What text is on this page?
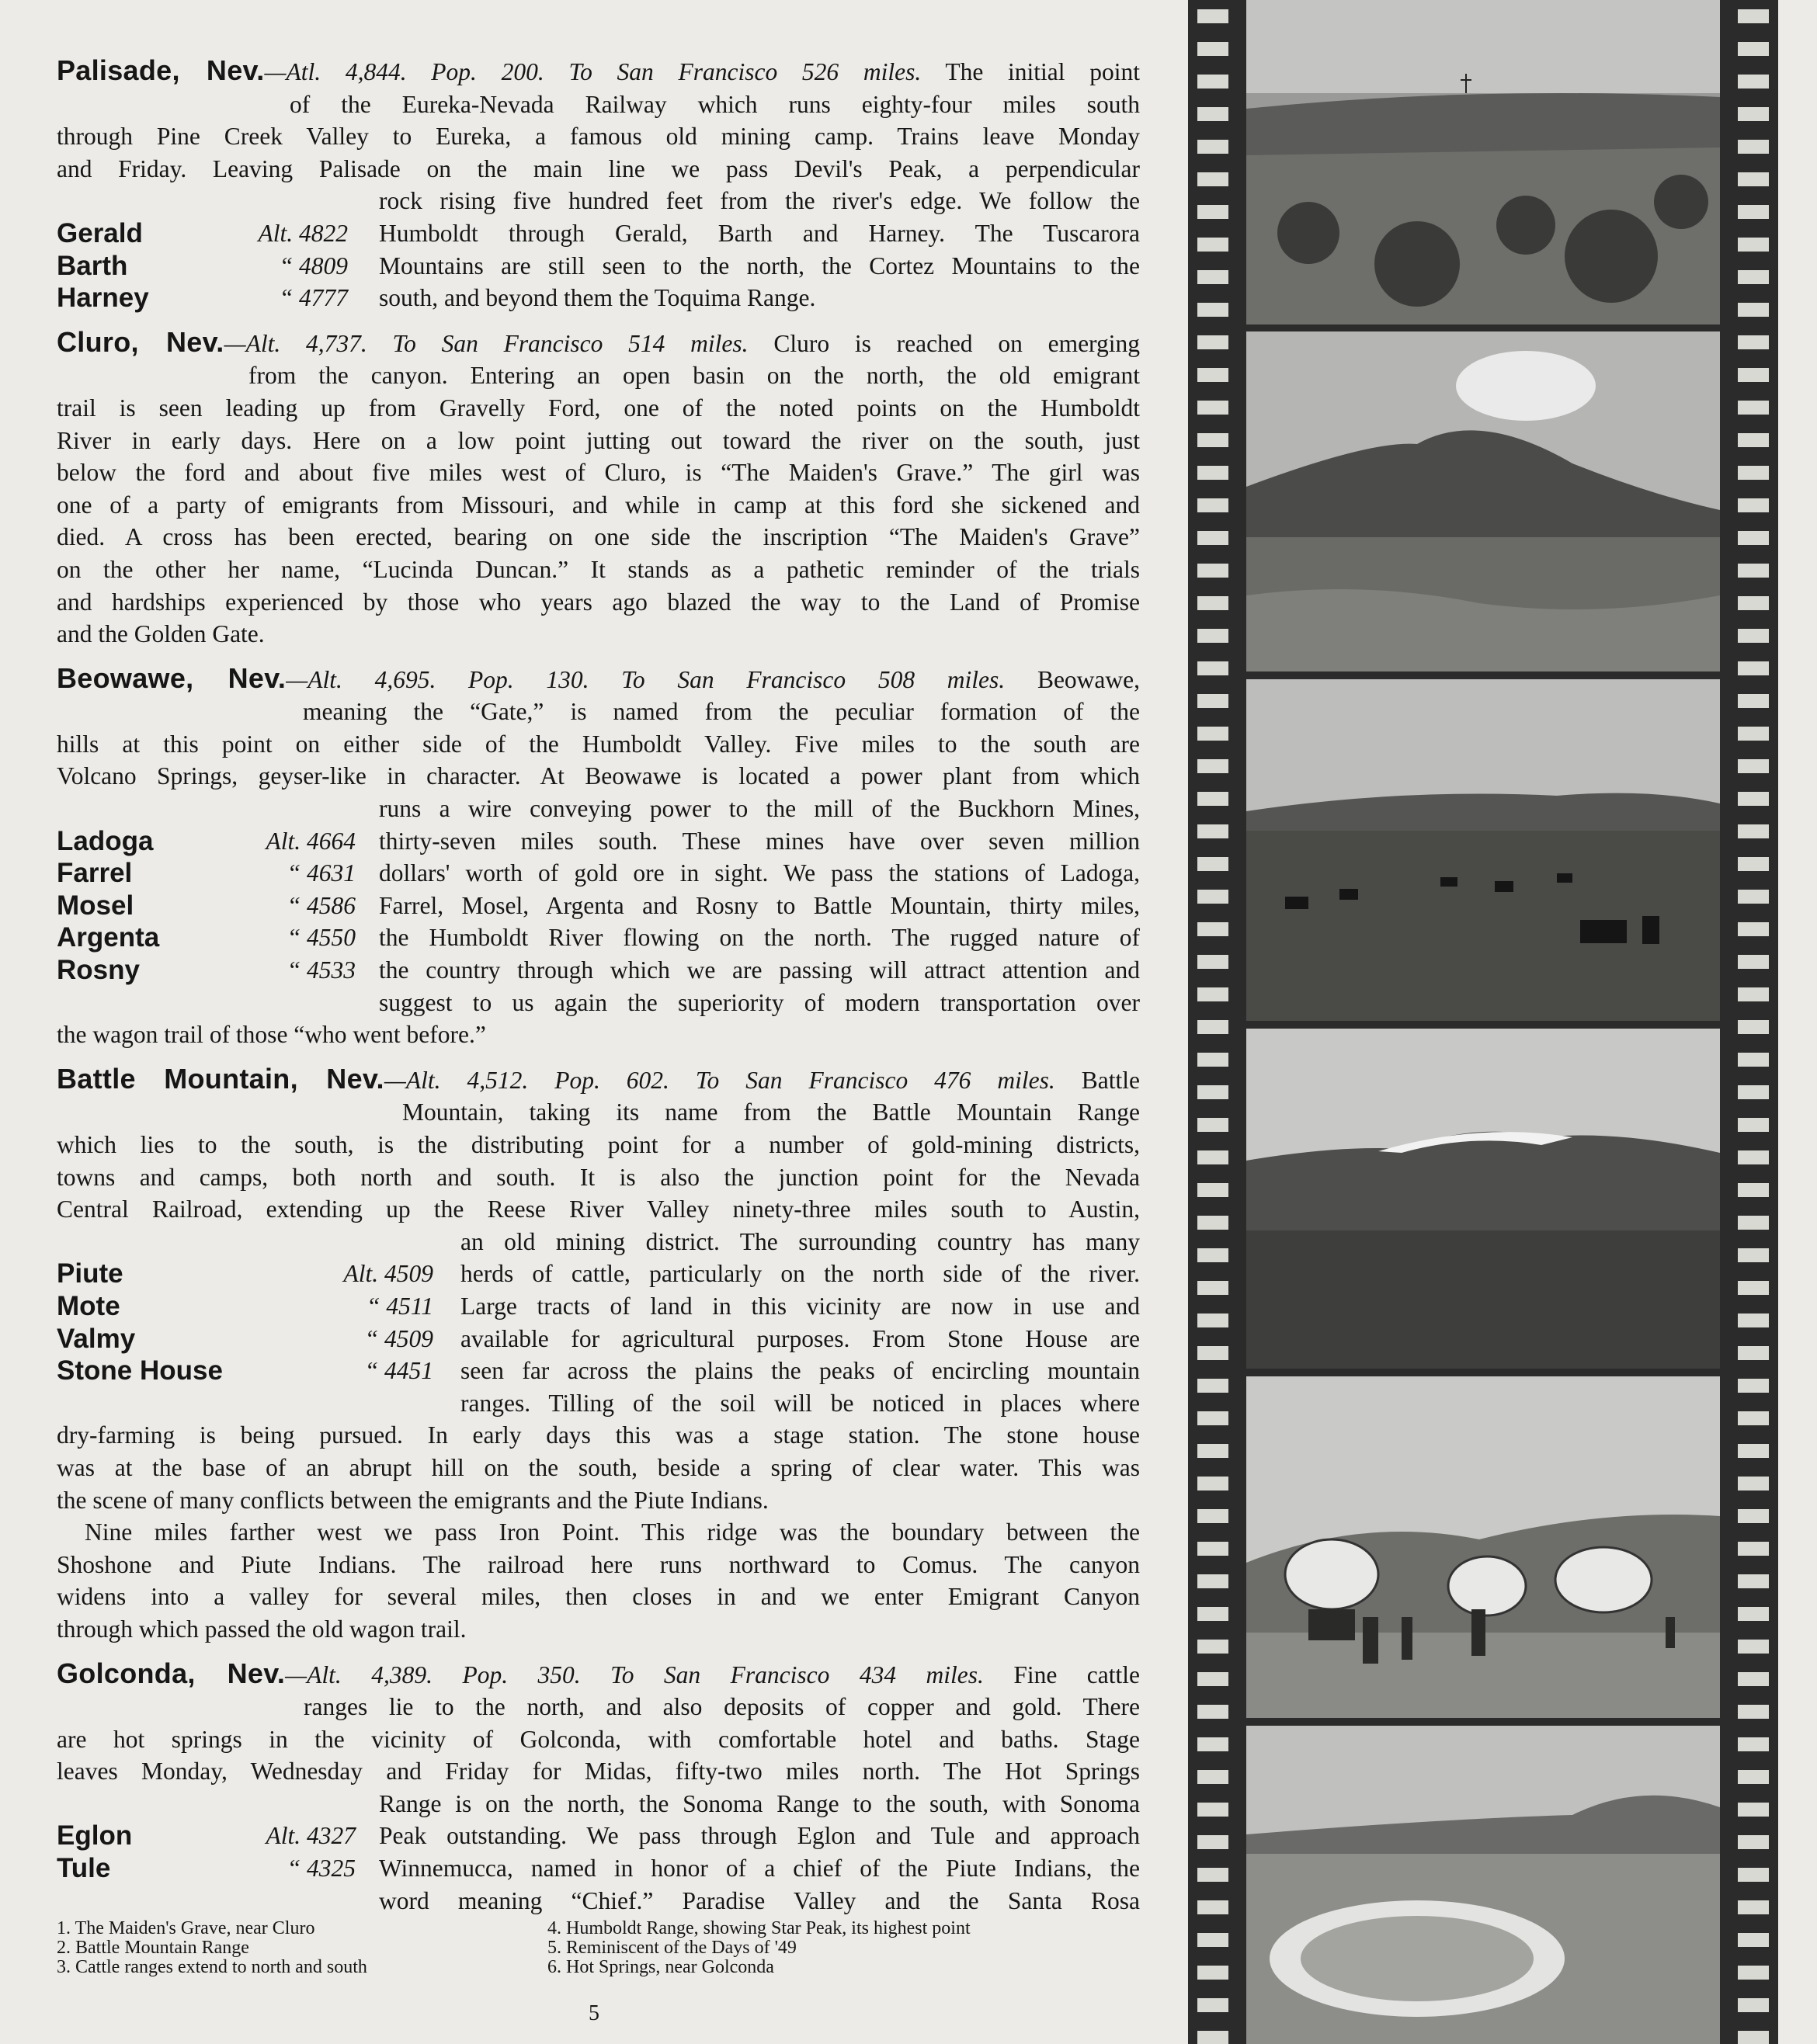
Palisade, Nev.—Atl. 4,844. Pop. 200. To San Francisco 526 miles. The initial point
of the Eureka-Nevada Railway which runs eighty-four miles south
through Pine Creek Valley to Eureka, a famous old mining camp. Trains leave Monday
and Friday. Leaving Palisade on the main line we pass Devil's Peak, a perpendicular
rock rising five hundred feet from the river's edge. We follow the
Gerald	Alt. 4822 Humboldt through Gerald, Barth and Harney. The Tuscarora
Barth	“ 4809 Mountains are still seen to the north, the Cortez Mountains to the
Harney	“ 4777 south, and beyond them the Toquima Range.
Cluro, Nev.—Alt. 4,737. To San Francisco 514 miles. Cluro is reached on emerging
from the canyon. Entering an open basin on the north, the old emigrant
trail is seen leading up from Gravelly Ford, one of the noted points on the Humboldt
River in early days. Here on a low point jutting out toward the river on the south, just
below the ford and about five miles west of Cluro, is “The Maiden's Grave.” The girl was
one of a party of emigrants from Missouri, and while in camp at this ford she sickened and
died. A cross has been erected, bearing on one side the inscription “The Maiden's Grave”
on the other her name, “Lucinda Duncan.” It stands as a pathetic reminder of the trials
and hardships experienced by those who years ago blazed the way to the Land of Promise
and the Golden Gate.
Beowawe, Nev.—Alt. 4,695. Pop. 130. To San Francisco 508 miles. Beowawe,
meaning the “Gate,” is named from the peculiar formation of the
hills at this point on either side of the Humboldt Valley. Five miles to the south are
Volcano Springs, geyser-like in character. At Beowawe is located a power plant from which
runs a wire conveying power to the mill of the Buckhorn Mines,
Ladoga	Alt. 4664 thirty-seven miles south. These mines have over seven million
Farrel	“ 4631 dollars' worth of gold ore in sight. We pass the stations of Ladoga,
Mosel	“ 4586 Farrel, Mosel, Argenta and Rosny to Battle Mountain, thirty miles,
Argenta	“ 4550 the Humboldt River flowing on the north. The rugged nature of
Rosny	“ 4533 the country through which we are passing will attract attention and
suggest to us again the superiority of modern transportation over
the wagon trail of those “who went before.”
Battle Mountain, Nev.—Alt. 4,512. Pop. 602. To San Francisco 476 miles. Battle
Mountain, taking its name from the Battle Mountain Range
which lies to the south, is the distributing point for a number of gold-mining districts,
towns and camps, both north and south. It is also the junction point for the Nevada
Central Railroad, extending up the Reese River Valley ninety-three miles south to Austin,
an old mining district. The surrounding country has many
Piute	Alt. 4509 herds of cattle, particularly on the north side of the river.
Mote	“ 4511 Large tracts of land in this vicinity are now in use and
Valmy	“ 4509 available for agricultural purposes. From Stone House are
Stone House	“ 4451 seen far across the plains the peaks of encircling mountain
ranges. Tilling of the soil will be noticed in places where
dry-farming is being pursued. In early days this was a stage station. The stone house
was at the base of an abrupt hill on the south, beside a spring of clear water. This was
the scene of many conflicts between the emigrants and the Piute Indians.
Nine miles farther west we pass Iron Point. This ridge was the boundary between the
Shoshone and Piute Indians. The railroad here runs northward to Comus. The canyon
widens into a valley for several miles, then closes in and we enter Emigrant Canyon
through which passed the old wagon trail.
Golconda, Nev.—Alt. 4,389. Pop. 350. To San Francisco 434 miles. Fine cattle
ranges lie to the north, and also deposits of copper and gold. There
are hot springs in the vicinity of Golconda, with comfortable hotel and baths. Stage
leaves Monday, Wednesday and Friday for Midas, fifty-two miles north. The Hot Springs
Range is on the north, the Sonoma Range to the south, with Sonoma
Eglon	Alt. 4327 Peak outstanding. We pass through Eglon and Tule and approach
Tule	“ 4325 Winnemucca, named in honor of a chief of the Piute Indians, the
word meaning “Chief.” Paradise Valley and the Santa Rosa
1. The Maiden's Grave, near Cluro
2. Battle Mountain Range
3. Cattle ranges extend to north and south
4. Humboldt Range, showing Star Peak, its highest point
5. Reminiscent of the Days of '49
6. Hot Springs, near Golconda
5
